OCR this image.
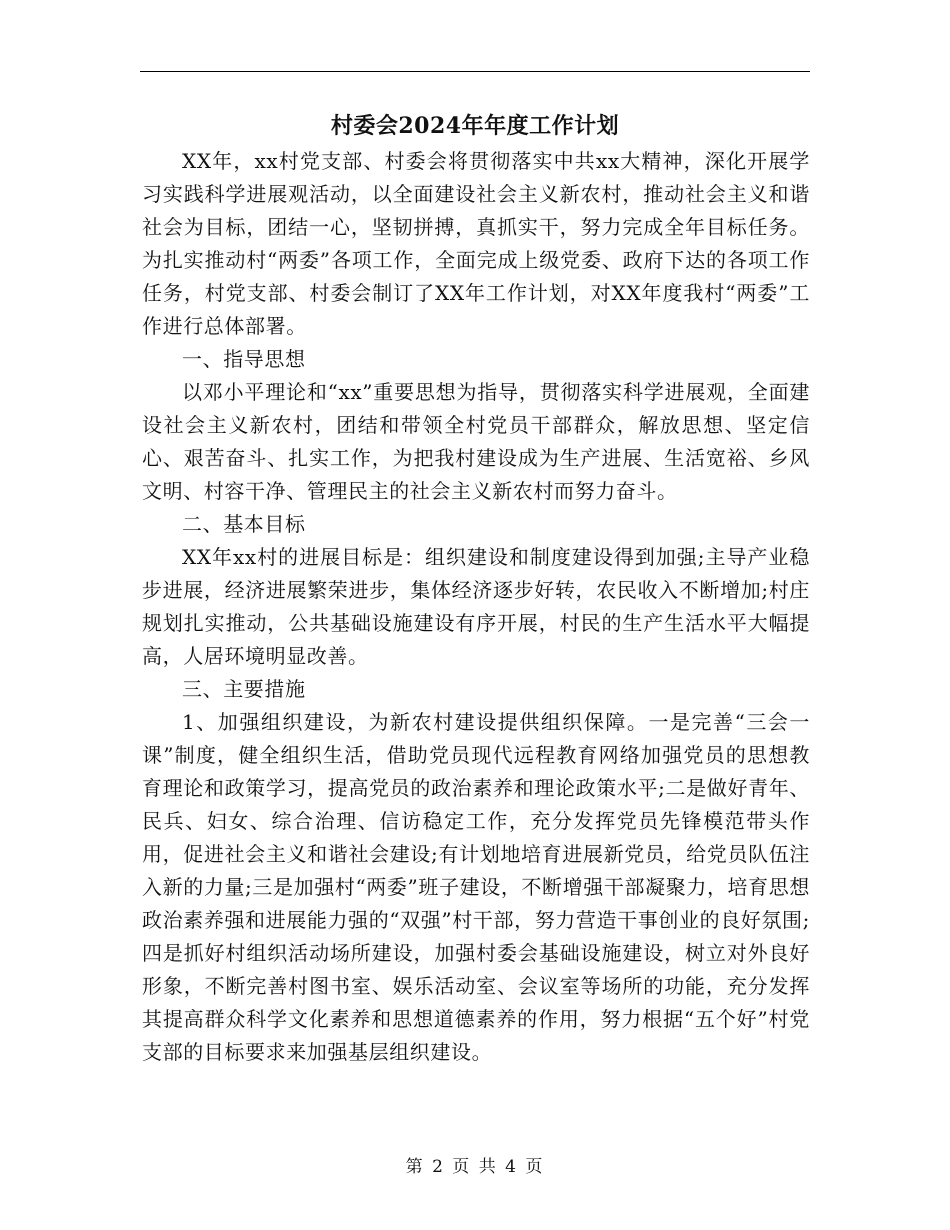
村委会2024年年度工作计划

XX年，xx村党支部、村委会将贯彻落实中共xx大精神，深化开展学习实践科学进展观活动，以全面建设社会主义新农村，推动社会主义和谐社会为目标，团结一心，坚韧拼搏，真抓实干，努力完成全年目标任务。为扎实推动村“两委”各项工作，全面完成上级党委、政府下达的各项工作任务，村党支部、村委会制订了XX年工作计划，对XX年度我村“两委”工作进行总体部署。

一、指导思想

以邓小平理论和“xx”重要思想为指导，贯彻落实科学进展观，全面建设社会主义新农村，团结和带领全村党员干部群众，解放思想、坚定信心、艰苦奋斗、扎实工作，为把我村建设成为生产进展、生活宽裕、乡风文明、村容干净、管理民主的社会主义新农村而努力奋斗。

二、基本目标

XX年xx村的进展目标是：组织建设和制度建设得到加强;主导产业稳步进展，经济进展繁荣进步，集体经济逐步好转，农民收入不断增加;村庄规划扎实推动，公共基础设施建设有序开展，村民的生产生活水平大幅提高，人居环境明显改善。

三、主要措施

1、加强组织建设，为新农村建设提供组织保障。一是完善“三会一课”制度，健全组织生活，借助党员现代远程教育网络加强党员的思想教育理论和政策学习，提高党员的政治素养和理论政策水平;二是做好青年、民兵、妇女、综合治理、信访稳定工作，充分发挥党员先锋模范带头作用，促进社会主义和谐社会建设;有计划地培育进展新党员，给党员队伍注入新的力量;三是加强村“两委”班子建设，不断增强干部凝聚力，培育思想政治素养强和进展能力强的“双强”村干部，努力营造干事创业的良好氛围;四是抓好村组织活动场所建设，加强村委会基础设施建设，树立对外良好形象，不断完善村图书室、娱乐活动室、会议室等场所的功能，充分发挥其提高群众科学文化素养和思想道德素养的作用，努力根据“五个好”村党支部的目标要求来加强基层组织建设。

第 2 页 共 4 页
